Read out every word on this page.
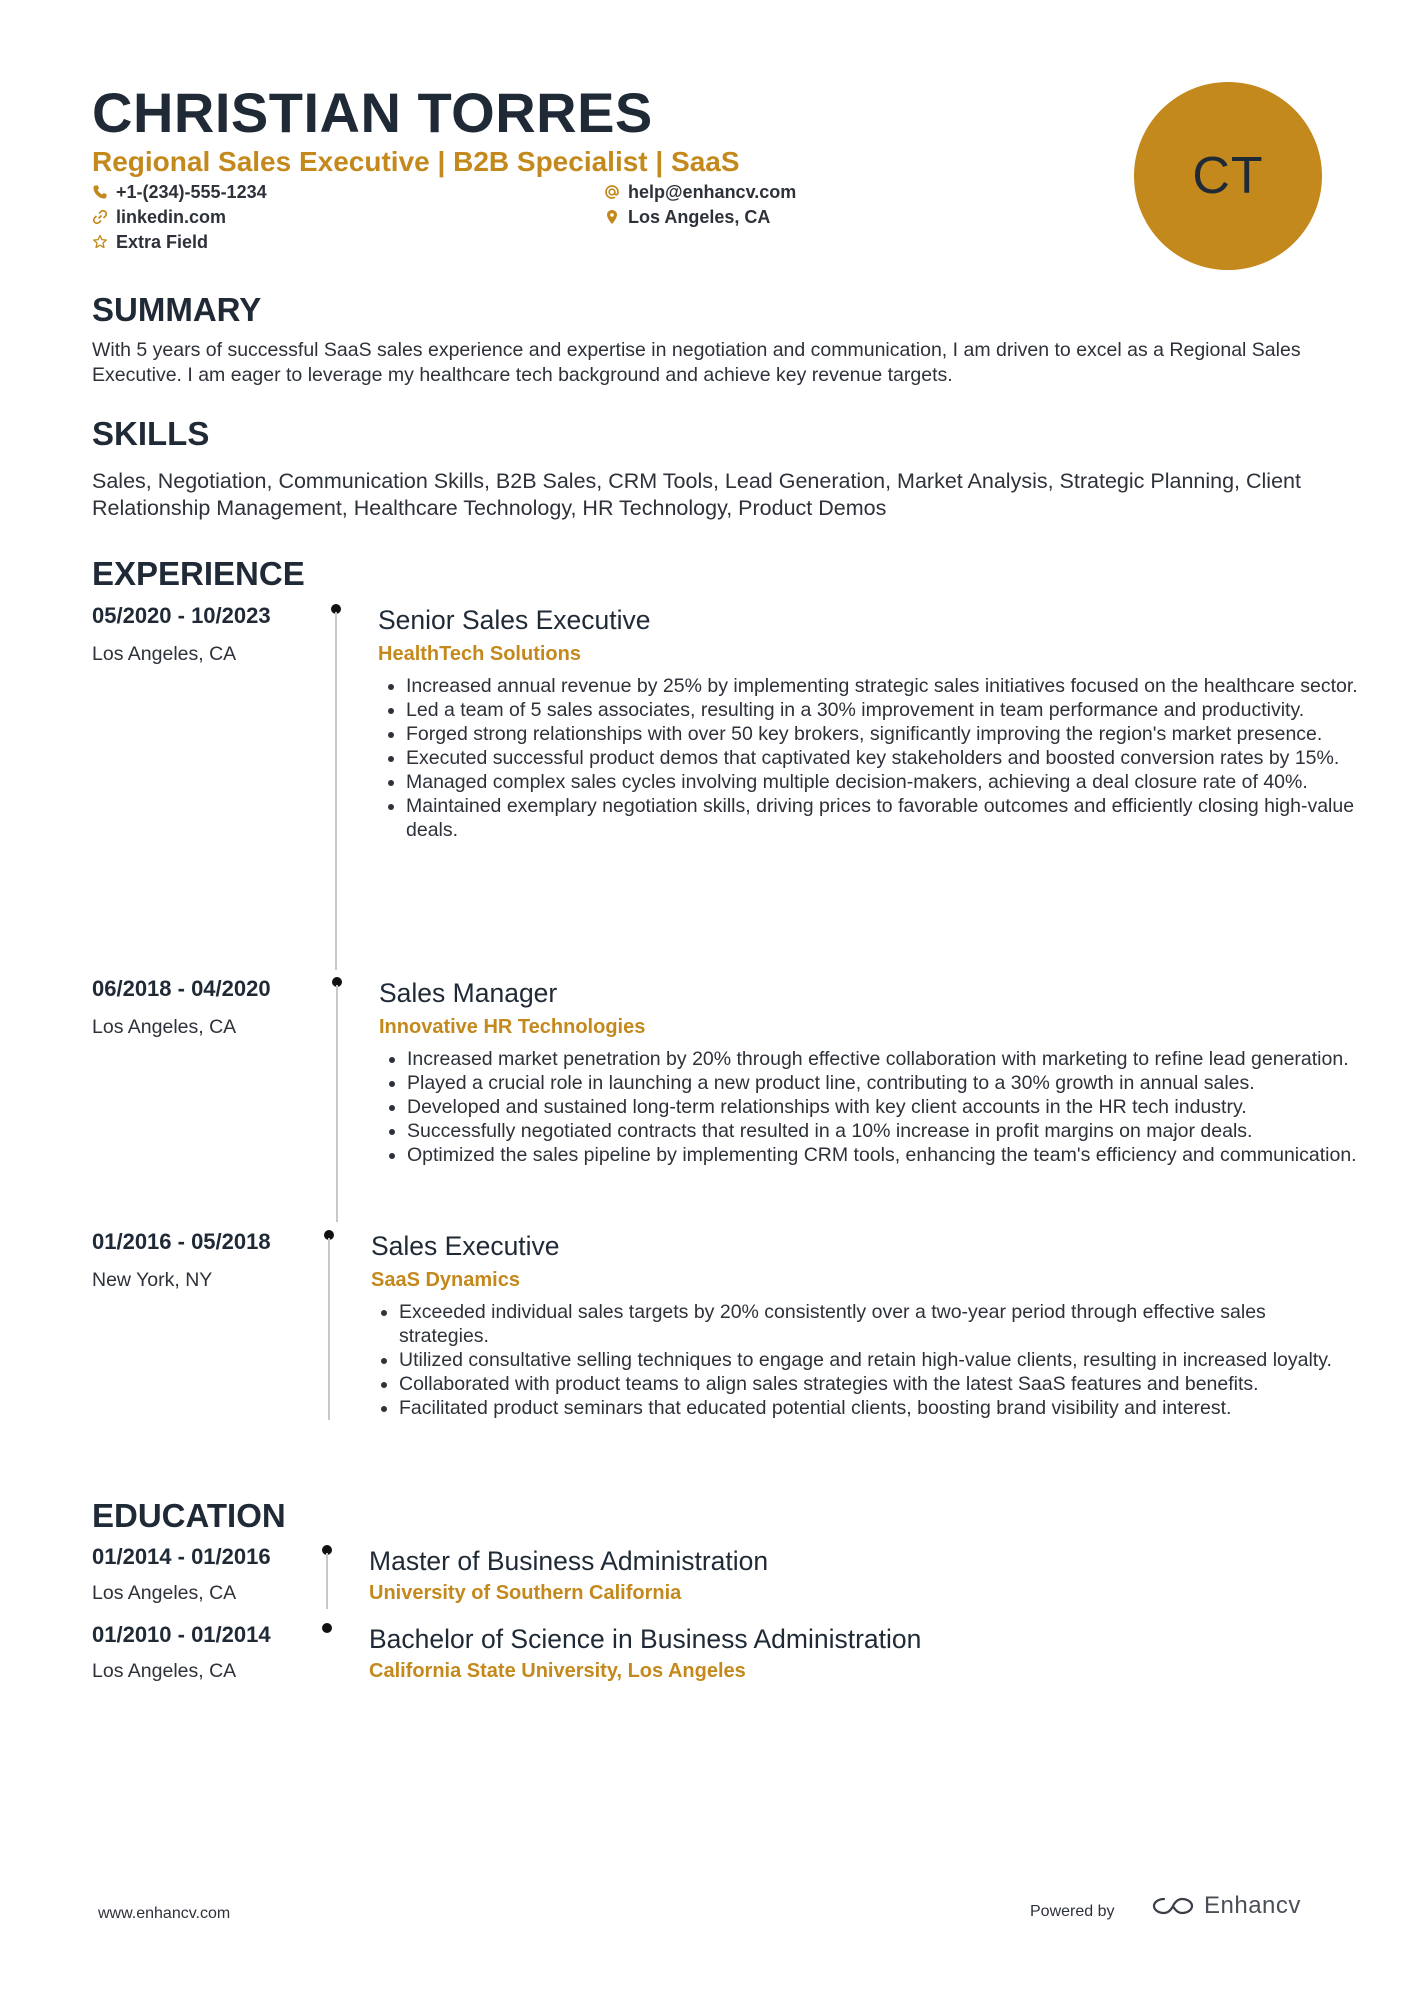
CHRISTIAN TORRES
Regional Sales Executive | B2B Specialist | SaaS
+1-(234)-555-1234	help@enhancv.com
linkedin.com	Los Angeles, CA
Extra Field
CT
SUMMARY
With 5 years of successful SaaS sales experience and expertise in negotiation and communication, I am driven to excel as a Regional Sales Executive. I am eager to leverage my healthcare tech background and achieve key revenue targets.
SKILLS
Sales, Negotiation, Communication Skills, B2B Sales, CRM Tools, Lead Generation, Market Analysis, Strategic Planning, Client Relationship Management, Healthcare Technology, HR Technology, Product Demos
EXPERIENCE
05/2020 - 10/2023
Los Angeles, CA
Senior Sales Executive
HealthTech Solutions
• Increased annual revenue by 25% by implementing strategic sales initiatives focused on the healthcare sector.
• Led a team of 5 sales associates, resulting in a 30% improvement in team performance and productivity.
• Forged strong relationships with over 50 key brokers, significantly improving the region's market presence.
• Executed successful product demos that captivated key stakeholders and boosted conversion rates by 15%.
• Managed complex sales cycles involving multiple decision-makers, achieving a deal closure rate of 40%.
• Maintained exemplary negotiation skills, driving prices to favorable outcomes and efficiently closing high-value deals.
06/2018 - 04/2020
Los Angeles, CA
Sales Manager
Innovative HR Technologies
• Increased market penetration by 20% through effective collaboration with marketing to refine lead generation.
• Played a crucial role in launching a new product line, contributing to a 30% growth in annual sales.
• Developed and sustained long-term relationships with key client accounts in the HR tech industry.
• Successfully negotiated contracts that resulted in a 10% increase in profit margins on major deals.
• Optimized the sales pipeline by implementing CRM tools, enhancing the team's efficiency and communication.
01/2016 - 05/2018
New York, NY
Sales Executive
SaaS Dynamics
• Exceeded individual sales targets by 20% consistently over a two-year period through effective sales strategies.
• Utilized consultative selling techniques to engage and retain high-value clients, resulting in increased loyalty.
• Collaborated with product teams to align sales strategies with the latest SaaS features and benefits.
• Facilitated product seminars that educated potential clients, boosting brand visibility and interest.
EDUCATION
01/2014 - 01/2016
Los Angeles, CA
Master of Business Administration
University of Southern California
01/2010 - 01/2014
Los Angeles, CA
Bachelor of Science in Business Administration
California State University, Los Angeles
www.enhancv.com	Powered by	Enhancv
